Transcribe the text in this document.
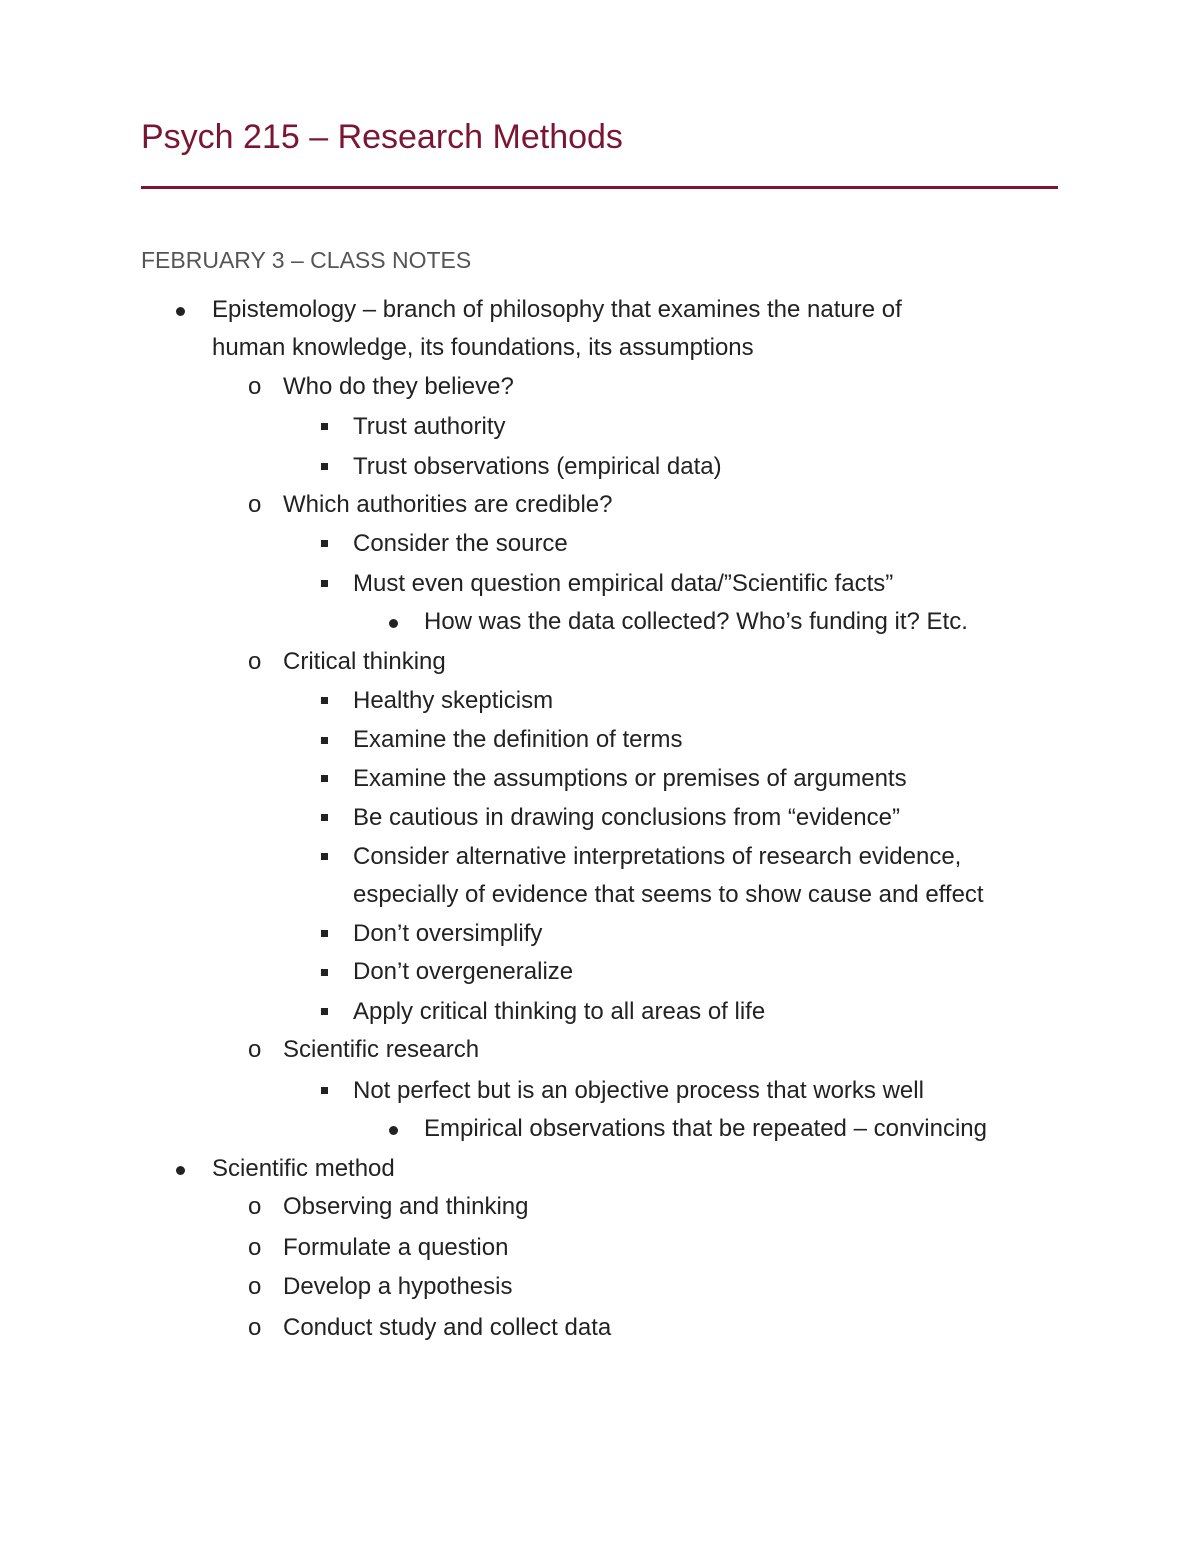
Psych 215 – Research Methods
FEBRUARY 3 – CLASS NOTES
Epistemology – branch of philosophy that examines the nature of
human knowledge, its foundations, its assumptions
o Who do they believe?
Trust authority
Trust observations (empirical data)
o Which authorities are credible?
Consider the source
Must even question empirical data/”Scientific facts”
How was the data collected? Who’s funding it? Etc.
o Critical thinking
Healthy skepticism
Examine the definition of terms
Examine the assumptions or premises of arguments
Be cautious in drawing conclusions from “evidence”
Consider alternative interpretations of research evidence,
especially of evidence that seems to show cause and effect
Don’t oversimplify
Don’t overgeneralize
Apply critical thinking to all areas of life
o Scientific research
Not perfect but is an objective process that works well
Empirical observations that be repeated – convincing
Scientific method
o Observing and thinking
o Formulate a question
o Develop a hypothesis
o Conduct study and collect data
